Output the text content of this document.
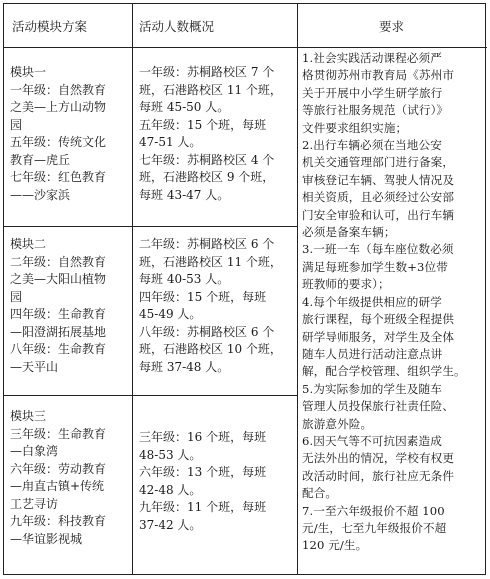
活动模块方案	活动人数概况	要求
模块一
一年级：自然教育
之美—上方山动物
园
五年级：传统文化
教育—虎丘
七年级：红色教育
——沙家浜
一年级：苏桐路校区 7 个
班，石港路校区 11 个班，
每班 45-50 人。
五年级：15 个班，每班
47-51 人。
七年级：苏桐路校区 4 个
班，石港路校区 9 个班，
每班 43-47 人。
模块二
二年级：自然教育
之美—大阳山植物
园
四年级：生命教育
—阳澄湖拓展基地
八年级：生命教育
—天平山
二年级：苏桐路校区 6 个
班，石港路校区 11 个班，
每班 40-53 人。
四年级：15 个班，每班
45-49 人。
八年级：苏桐路校区 6 个
班，石港路校区 10 个班，
每班 37-48 人。
模块三
三年级：生命教育
—白象湾
六年级：劳动教育
—甪直古镇+传统
工艺寻访
九年级：科技教育
—华谊影视城
三年级：16 个班，每班
48-53 人。
六年级：13 个班，每班
42-48 人。
九年级：11 个班，每班
37-42 人。
1.社会实践活动课程必须严
格贯彻苏州市教育局《苏州市
关于开展中小学生研学旅行
等旅行社服务规范（试行）》
文件要求组织实施；
2.出行车辆必须在当地公安
机关交通管理部门进行备案，
审核登记车辆、驾驶人情况及
相关资质，且必须经过公安部
门安全审验和认可，出行车辆
必须是备案车辆；
3.一班一车（每车座位数必须
满足每班参加学生数+3位带
班教师的要求）；
4.每个年级提供相应的研学
旅行课程，每个班级全程提供
研学导师服务，对学生及全体
随车人员进行活动注意点讲
解，配合学校管理、组织学生。
5.为实际参加的学生及随车
管理人员投保旅行社责任险、
旅游意外险。
6.因天气等不可抗因素造成
无法外出的情况，学校有权更
改活动时间，旅行社应无条件
配合。
7.一至六年级报价不超 100
元/生，七至九年级报价不超
120 元/生。
